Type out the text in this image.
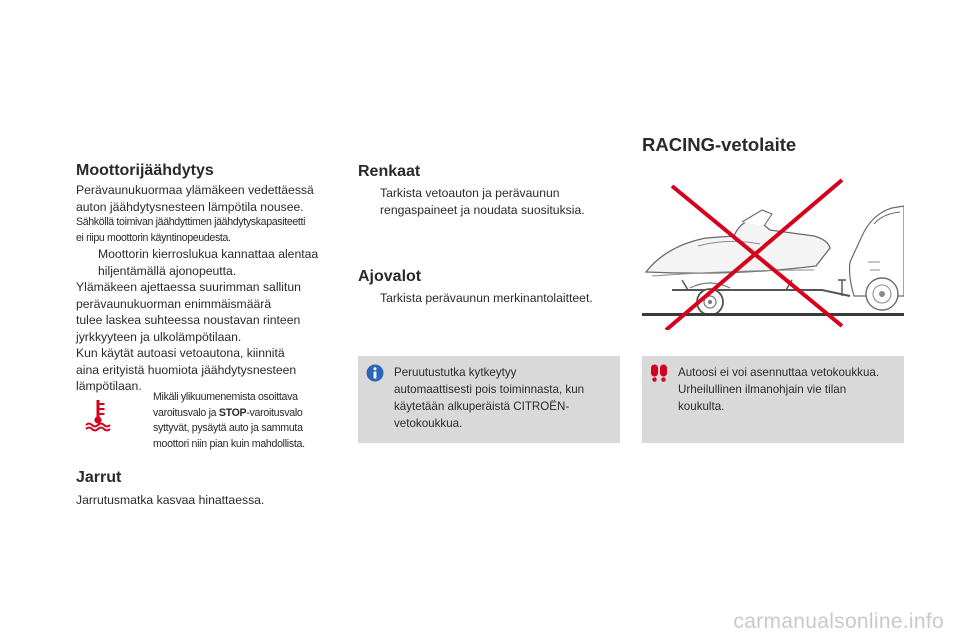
Moottorijäähdytys

Perävaunukuormaa ylämäkeen vedettäessä
auton jäähdytysnesteen lämpötila nousee.

Sähköllä toimivan jäähdyttimen jäähdytyskapasiteetti
ei riipu moottorin käyntinopeudesta.

Moottorin kierroslukua kannattaa alentaa
hiljentämällä ajonopeutta.

Ylämäkeen ajettaessa suurimman sallitun
perävaunukuorman enimmäismäärä
tulee laskea suhteessa noustavan rinteen
jyrkkyyteen ja ulkolämpötilaan.

Kun käytät autoasi vetoautona, kiinnitä
aina erityistä huomiota jäähdytysnesteen
lämpötilaan.

Mikäli ylikuumenemista osoittava
varoitusvalo ja STOP-varoitusvalo
syttyvät, pysäytä auto ja sammuta
moottori niin pian kuin mahdollista.

Jarrut

Jarrutusmatka kasvaa hinattaessa.

Renkaat

Tarkista vetoauton ja perävaunun
rengaspaineet ja noudata suosituksia.

Ajovalot

Tarkista perävaunun merkinantolaitteet.

Peruutustutka kytkeytyy
automaattisesti pois toiminnasta, kun
käytetään alkuperäistä CITROËN-
vetokoukkua.
RACING-vetolaite
Autoosi ei voi asennuttaa vetokoukkua.
Urheilullinen ilmanohjain vie tilan
koukulta.
carmanualsonline.info
